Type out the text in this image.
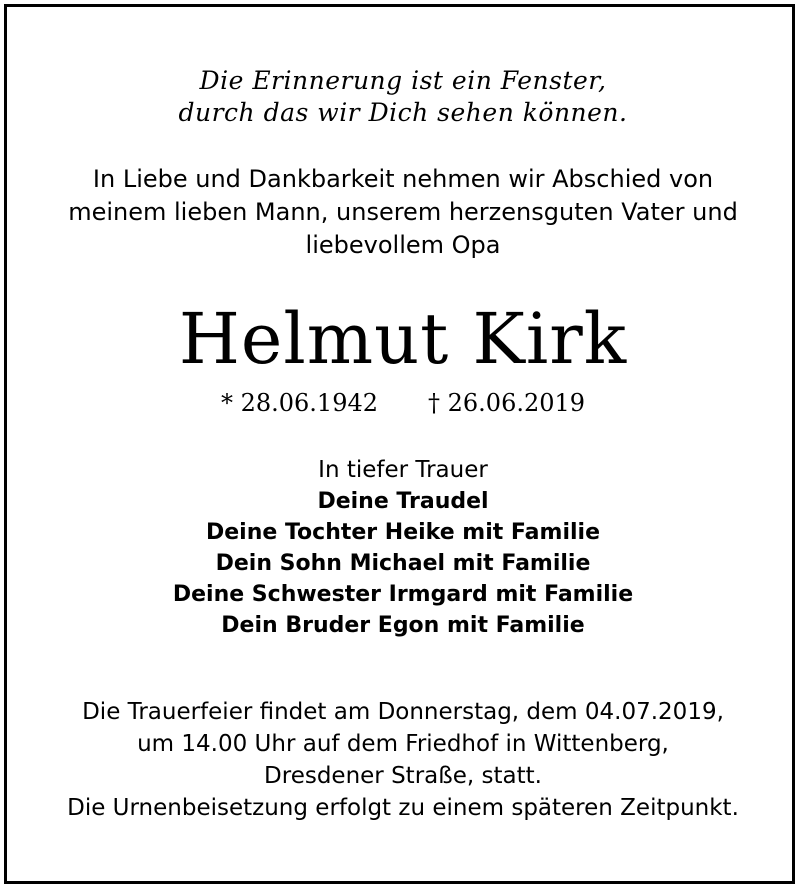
Die Erinnerung ist ein Fenster,
durch das wir Dich sehen können.
In Liebe und Dankbarkeit nehmen wir Abschied von
meinem lieben Mann, unserem herzensguten Vater und
liebevollem Opa
Helmut Kirk
* 28.06.1942 † 26.06.2019
In tiefer Trauer
Deine Traudel
Deine Tochter Heike mit Familie
Dein Sohn Michael mit Familie
Deine Schwester Irmgard mit Familie
Dein Bruder Egon mit Familie
Die Trauerfeier findet am Donnerstag, dem 04.07.2019,
um 14.00 Uhr auf dem Friedhof in Wittenberg,
Dresdener Straße, statt.
Die Urnenbeisetzung erfolgt zu einem späteren Zeitpunkt.
